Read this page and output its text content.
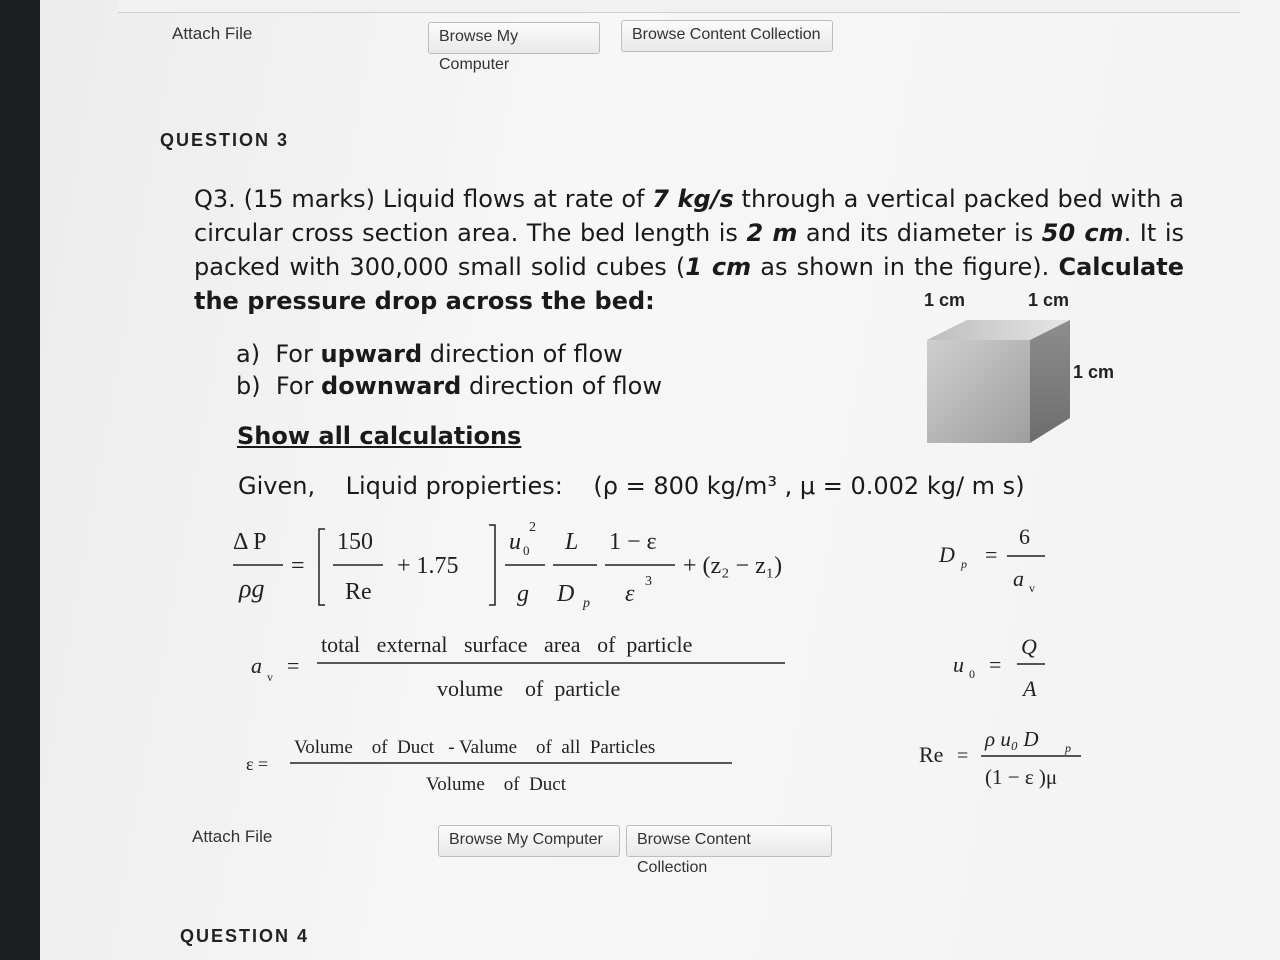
Attach File	Browse My Computer
Browse Content Collection
QUESTION 3
Q3. (15 marks) Liquid flows at rate of 7 kg/s through a vertical packed bed with a circular cross section area. The bed length is 2 m and its diameter is 50 cm. It is packed with 300,000 small solid cubes (1 cm as shown in the figure). Calculate the pressure drop across the bed:
a) For upward direction of flow
b) For downward direction of flow
Show all calculations
Given,    Liquid propierties:    (ρ = 800 kg/m³ , μ = 0.002 kg/ m s)
1 cm	1 cm
1 cm
Δ P
ρg
=
150
Re
+ 1.75
u 0
2
g
L
D p
1 − ε
ε 3
+ (z₂ − z₁)	D p =
6
a v
a v =
total   external   surface   area   of  particle
volume    of  particle
u 0 =
Q
A
ε =
Volume    of  Duct   - Valume    of  all  Particles
Volume    of  Duct
Re =
ρ u₀ D p
(1 − ε )μ
Attach File	Browse My Computer	Browse Content Collection
QUESTION 4
